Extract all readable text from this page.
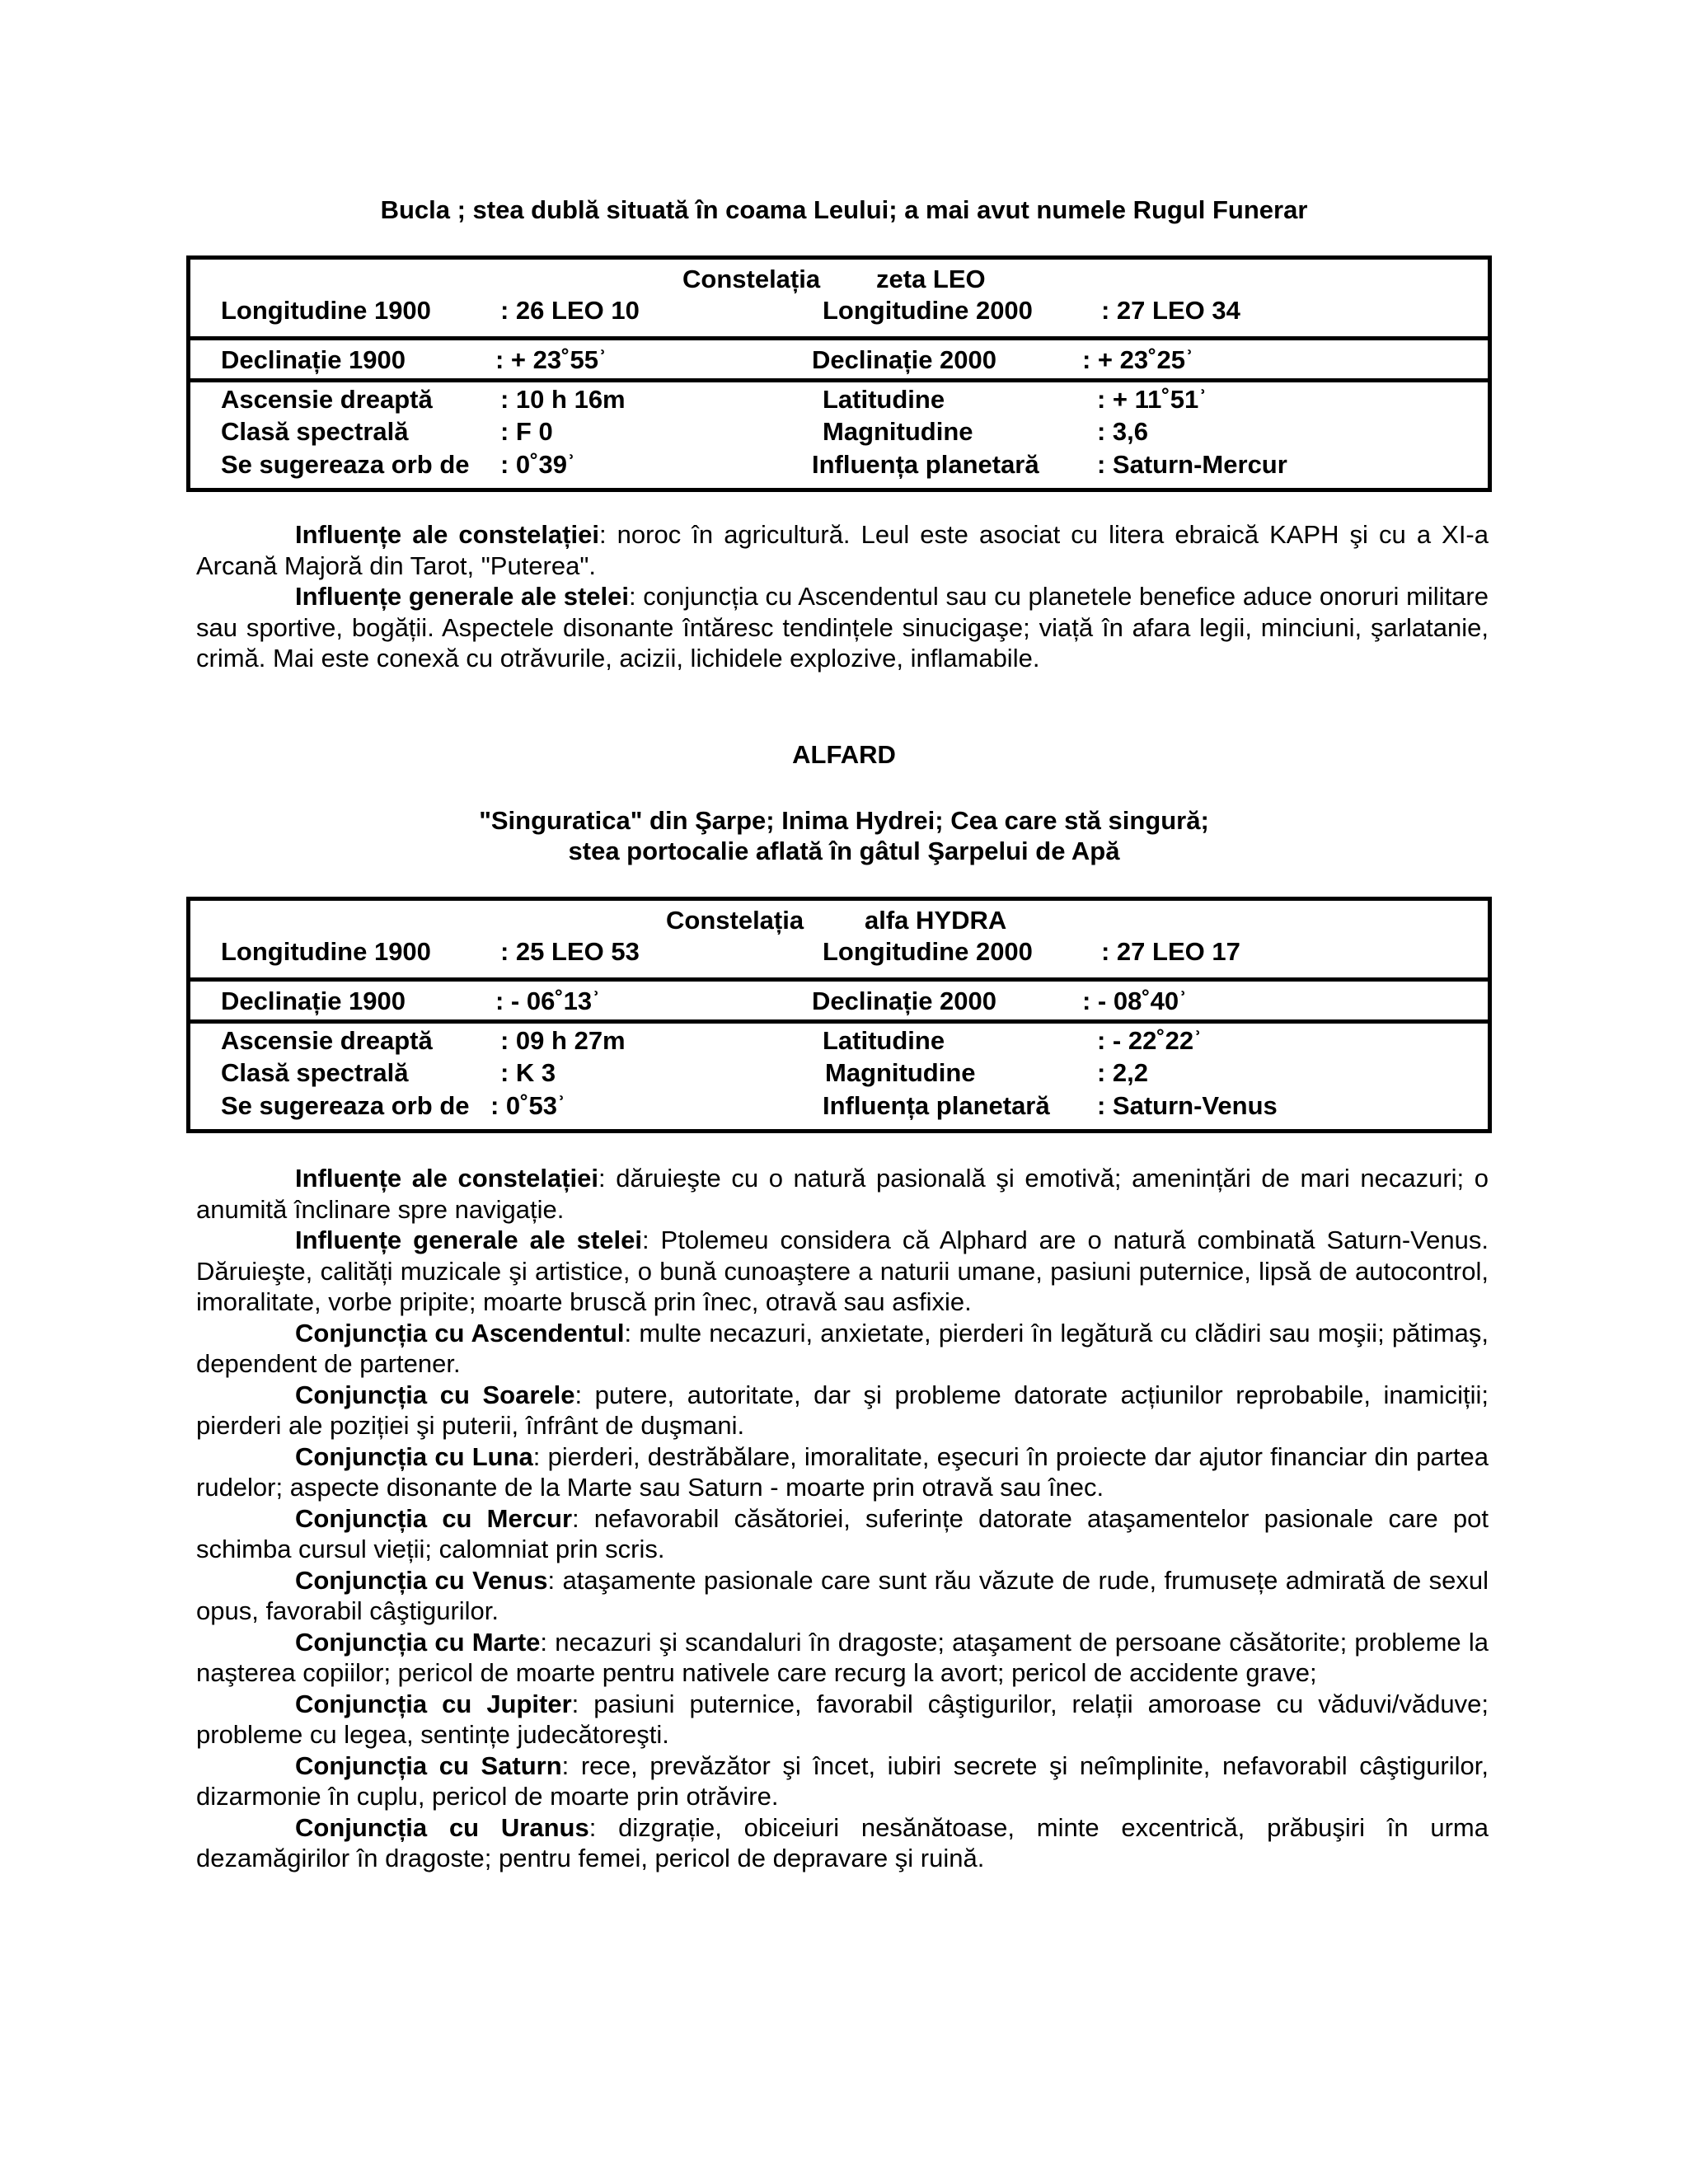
Bucla ; stea dublă situată în coama Leului; a mai avut numele Rugul Funerar
Constelația zeta LEO
Longitudine 1900	: 26 LEO 10	Longitudine 2000	: 27 LEO 34
Declinație 1900	: + 23˚55ʾ	Declinație 2000	: + 23˚25ʾ
Ascensie dreaptă	: 10 h 16m	Latitudine	: + 11˚51ʾ
Clasă spectrală	: F 0	Magnitudine	: 3,6
Se sugereaza orb de : 0˚39ʾ	Influența planetară : Saturn-Mercur

Influențe ale constelației: noroc în agricultură. Leul este asociat cu litera ebraică KAPH şi cu a XI-a Arcană Majoră din Tarot, "Puterea".

Influențe generale ale stelei: conjuncția cu Ascendentul sau cu planetele benefice aduce onoruri militare sau sportive, bogății. Aspectele disonante întăresc tendințele sinucigaşe; viață în afara legii, minciuni, şarlatanie, crimă. Mai este conexă cu otrăvurile, acizii, lichidele explozive, inflamabile.

ALFARD
"Singuratica" din Şarpe; Inima Hydrei; Cea care stă singură;
stea portocalie aflată în gâtul Şarpelui de Apă
Constelația alfa HYDRA
Longitudine 1900	: 25 LEO 53	Longitudine 2000	: 27 LEO 17
Declinație 1900	: - 06˚13ʾ	Declinație 2000	: - 08˚40ʾ
Ascensie dreaptă	: 09 h 27m	Latitudine	: - 22˚22ʾ
Clasă spectrală	: K 3	Magnitudine	: 2,2
Se sugereaza orb de : 0˚53ʾ	Influența planetară : Saturn-Venus

Influențe ale constelației: dăruieşte cu o natură pasională şi emotivă; amenințări de mari necazuri; o anumită înclinare spre navigație.

Influențe generale ale stelei: Ptolemeu considera că Alphard are o natură combinată Saturn-Venus. Dăruieşte, calități muzicale şi artistice, o bună cunoaştere a naturii umane, pasiuni puternice, lipsă de autocontrol, imoralitate, vorbe pripite; moarte bruscă prin înec, otravă sau asfixie.

Conjuncția cu Ascendentul: multe necazuri, anxietate, pierderi în legătură cu clădiri sau moşii; pătimaş, dependent de partener.

Conjuncția cu Soarele: putere, autoritate, dar şi probleme datorate acțiunilor reprobabile, inamiciții; pierderi ale poziției şi puterii, înfrânt de duşmani.

Conjuncția cu Luna: pierderi, destrăbălare, imoralitate, eşecuri în proiecte dar ajutor financiar din partea rudelor; aspecte disonante de la Marte sau Saturn - moarte prin otravă sau înec.

Conjuncția cu Mercur: nefavorabil căsătoriei, suferințe datorate ataşamentelor pasionale care pot schimba cursul vieții; calomniat prin scris.

Conjuncția cu Venus: ataşamente pasionale care sunt rău văzute de rude, frumusețe admirată de sexul opus, favorabil câştigurilor.

Conjuncția cu Marte: necazuri şi scandaluri în dragoste; ataşament de persoane căsătorite; probleme la naşterea copiilor; pericol de moarte pentru nativele care recurg la avort; pericol de accidente grave;

Conjuncția cu Jupiter: pasiuni puternice, favorabil câştigurilor, relații amoroase cu văduvi/văduve; probleme cu legea, sentințe judecătoreşti.

Conjuncția cu Saturn: rece, prevăzător şi încet, iubiri secrete şi neîmplinite, nefavorabil câştigurilor, dizarmonie în cuplu, pericol de moarte prin otrăvire.

Conjuncția cu Uranus: dizgrație, obiceiuri nesănătoase, minte excentrică, prăbuşiri în urma dezamăgirilor în dragoste; pentru femei, pericol de depravare şi ruină.
